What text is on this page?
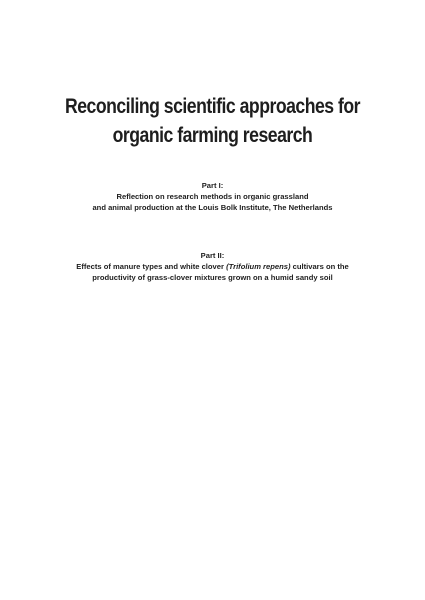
Reconciling scientific approaches for
organic farming research
Part I:
Reflection on research methods in organic grassland
and animal production at the Louis Bolk Institute, The Netherlands
Part II:
Effects of manure types and white clover (Trifolium repens) cultivars on the
productivity of grass-clover mixtures grown on a humid sandy soil
